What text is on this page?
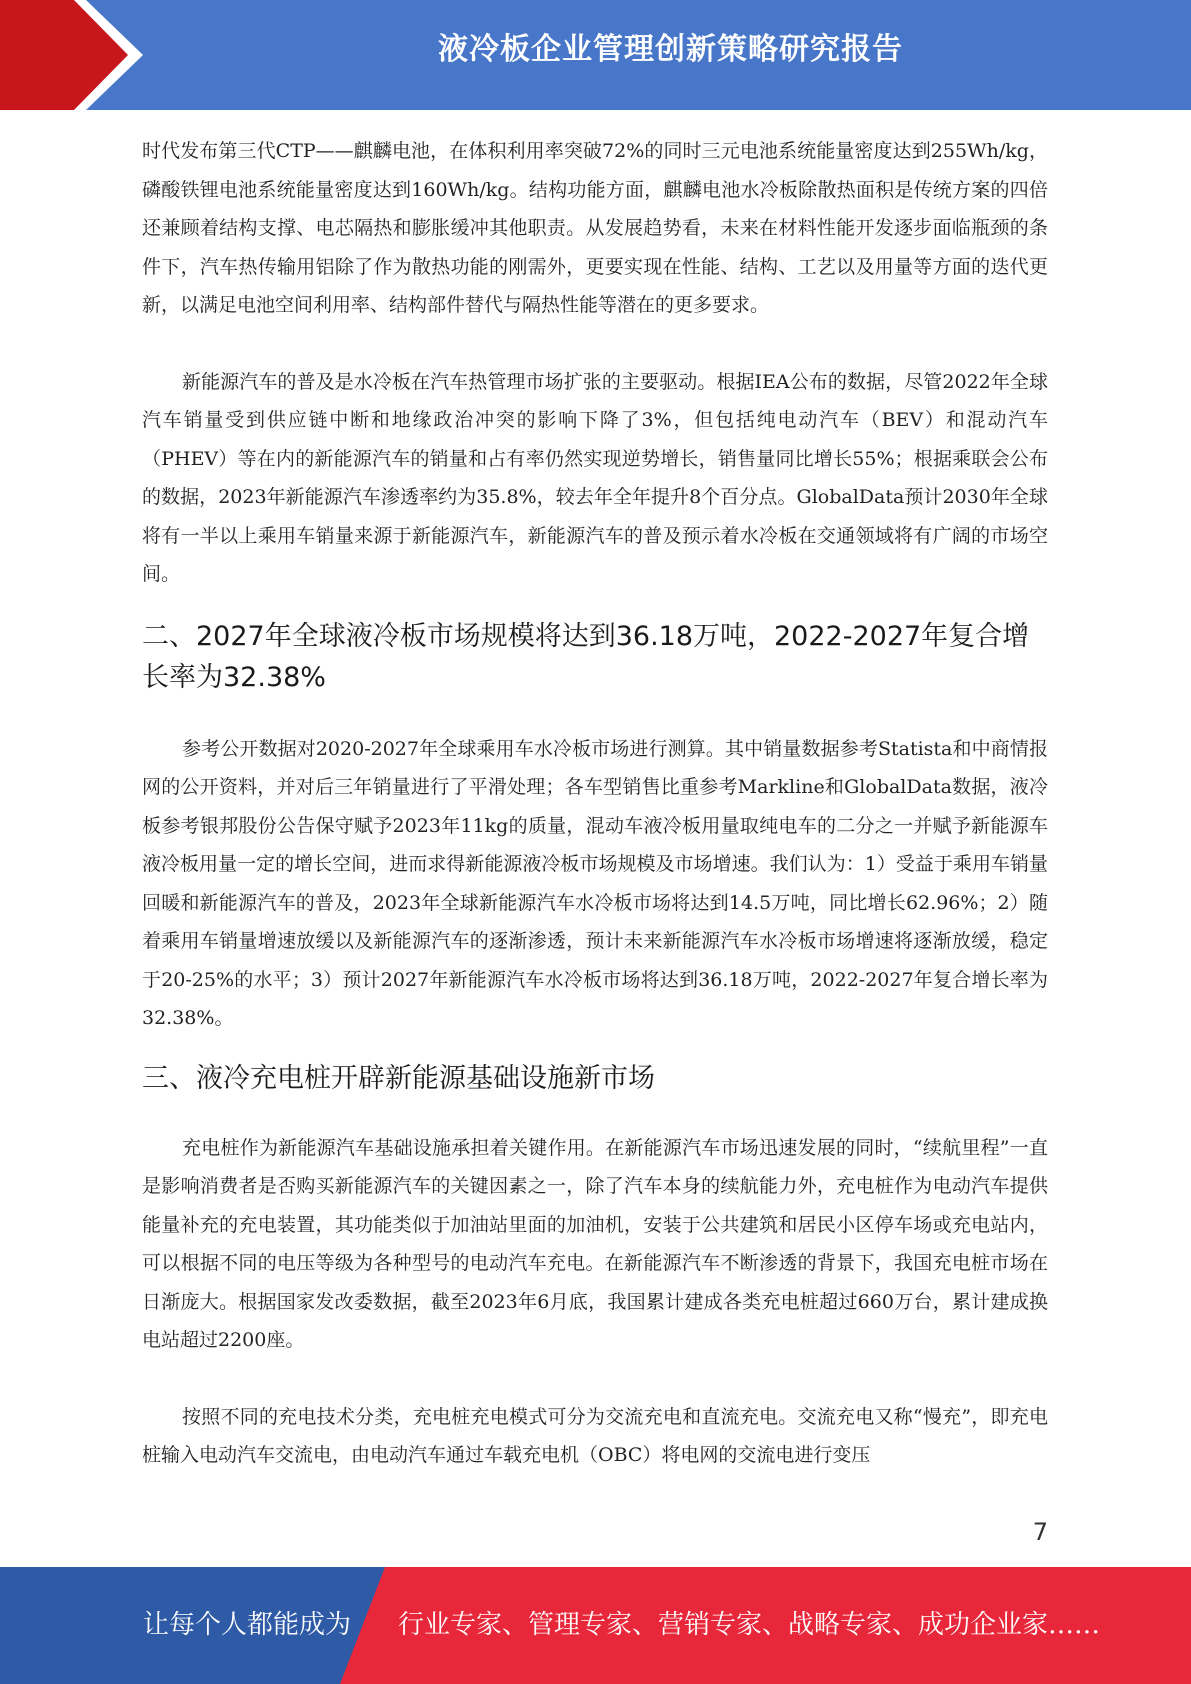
液冷板企业管理创新策略研究报告

时代发布第三代CTP——麒麟电池，在体积利用率突破72%的同时三元电池系统能量密度达到255Wh/kg，磷酸铁锂电池系统能量密度达到160Wh/kg。结构功能方面，麒麟电池水冷板除散热面积是传统方案的四倍还兼顾着结构支撑、电芯隔热和膨胀缓冲其他职责。从发展趋势看，未来在材料性能开发逐步面临瓶颈的条件下，汽车热传输用铝除了作为散热功能的刚需外，更要实现在性能、结构、工艺以及用量等方面的迭代更新，以满足电池空间利用率、结构部件替代与隔热性能等潜在的更多要求。

新能源汽车的普及是水冷板在汽车热管理市场扩张的主要驱动。根据IEA公布的数据，尽管2022年全球汽车销量受到供应链中断和地缘政治冲突的影响下降了3%，但包括纯电动汽车（BEV）和混动汽车（PHEV）等在内的新能源汽车的销量和占有率仍然实现逆势增长，销售量同比增长55%；根据乘联会公布的数据，2023年新能源汽车渗透率约为35.8%，较去年全年提升8个百分点。GlobalData预计2030年全球将有一半以上乘用车销量来源于新能源汽车，新能源汽车的普及预示着水冷板在交通领域将有广阔的市场空间。

二、2027年全球液冷板市场规模将达到36.18万吨，2022-2027年复合增长率为32.38%

参考公开数据对2020-2027年全球乘用车水冷板市场进行测算。其中销量数据参考Statista和中商情报网的公开资料，并对后三年销量进行了平滑处理；各车型销售比重参考Markline和GlobalData数据，液冷板参考银邦股份公告保守赋予2023年11kg的质量，混动车液冷板用量取纯电车的二分之一并赋予新能源车液冷板用量一定的增长空间，进而求得新能源液冷板市场规模及市场增速。我们认为：1）受益于乘用车销量回暖和新能源汽车的普及，2023年全球新能源汽车水冷板市场将达到14.5万吨，同比增长62.96%；2）随着乘用车销量增速放缓以及新能源汽车的逐渐渗透，预计未来新能源汽车水冷板市场增速将逐渐放缓，稳定于20-25%的水平；3）预计2027年新能源汽车水冷板市场将达到36.18万吨，2022-2027年复合增长率为32.38%。

三、液冷充电桩开辟新能源基础设施新市场

充电桩作为新能源汽车基础设施承担着关键作用。在新能源汽车市场迅速发展的同时，“续航里程”一直是影响消费者是否购买新能源汽车的关键因素之一，除了汽车本身的续航能力外，充电桩作为电动汽车提供能量补充的充电装置，其功能类似于加油站里面的加油机，安装于公共建筑和居民小区停车场或充电站内，可以根据不同的电压等级为各种型号的电动汽车充电。在新能源汽车不断渗透的背景下，我国充电桩市场在日渐庞大。根据国家发改委数据，截至2023年6月底，我国累计建成各类充电桩超过660万台，累计建成换电站超过2200座。

按照不同的充电技术分类，充电桩充电模式可分为交流充电和直流充电。交流充电又称“慢充”，即充电桩输入电动汽车交流电，由电动汽车通过车载充电机（OBC）将电网的交流电进行变压

7
让每个人都能成为 行业专家、管理专家、营销专家、战略专家、成功企业家……
